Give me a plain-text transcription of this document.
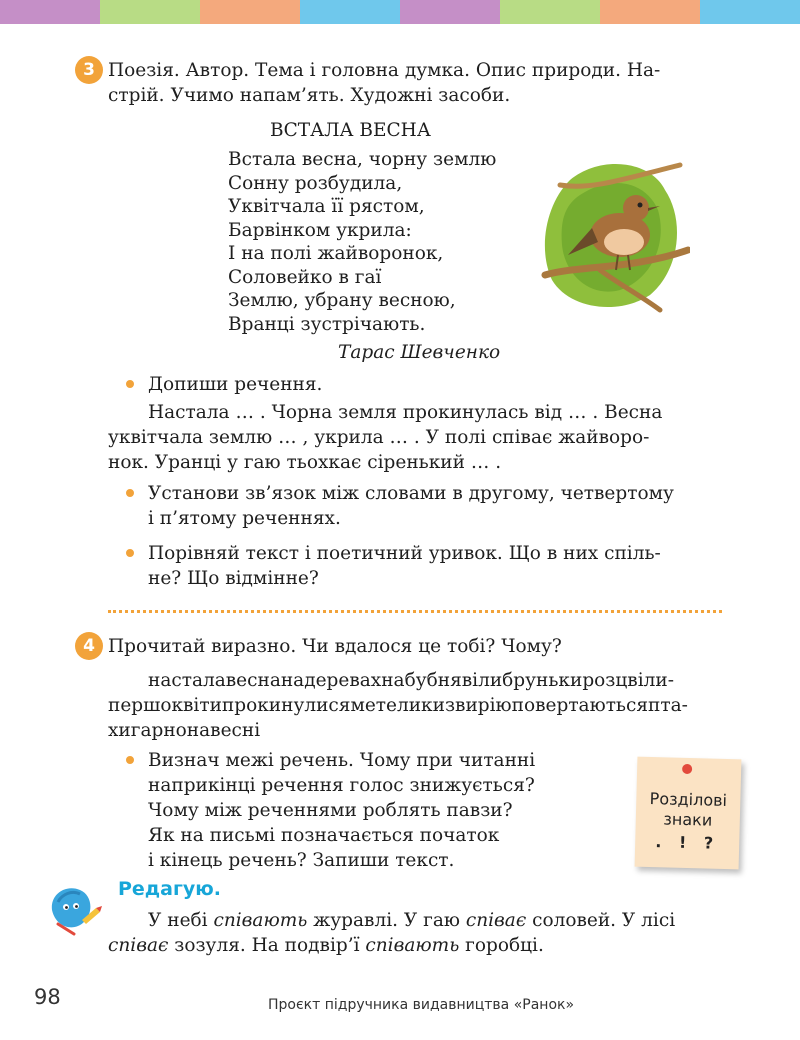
3 Поезія. Автор. Тема і головна думка. Опис природи. На-
стрій. Учимо напам’ять. Художні засоби.
ВСТАЛА ВЕСНА
Встала весна, чорну землю
Сонну розбудила,
Уквітчала її рястом,
Барвінком укрила:
І на полі жайворонок,
Соловейко в гаї
Землю, убрану весною,
Вранці зустрічають.
Тарас Шевченко
Допиши речення.
Настала … . Чорна земля прокинулась від … . Весна
уквітчала землю … , укрила … . У полі співає жайворо-
нок. Уранці у гаю тьохкає сіренький … .
Установи зв’язок між словами в другому, четвертому
і п’ятому реченнях.
Порівняй текст і поетичний уривок. Що в них спіль-
не? Що відмінне?
4 Прочитай виразно. Чи вдалося це тобі? Чому?
насталавеснанадеревахнабубнявілибрунькирозцвіли-
першоквітипрокинулисяметеликизвиріюповертаютьсяпта-
хигарнонавесні
Визнач межі речень. Чому при читанні
наприкінці речення голос знижується?
Чому між реченнями роблять павзи?
Як на письмі позначається початок
і кінець речень? Запиши текст.
Розділові
знаки
. ! ?
Редагую.
У небі співають журавлі. У гаю співає соловей. У лісі
співає зозуля. На подвір’ї співають горобці.
98	Проєкт підручника видавництва «Ранок»
